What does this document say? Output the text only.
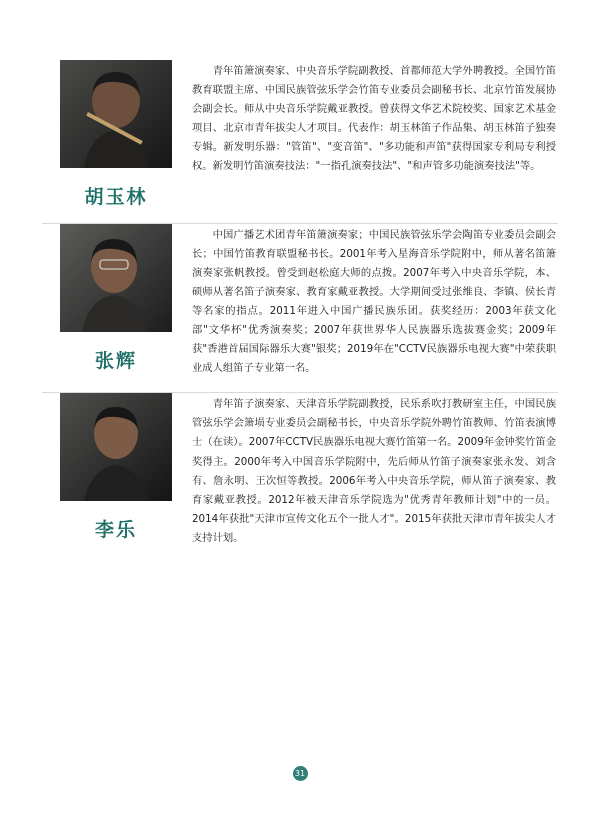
胡玉林

青年笛箫演奏家、中央音乐学院副教授、首都师范大学外聘教授。全国竹笛教育联盟主席、中国民族管弦乐学会竹笛专业委员会副秘书长、北京竹笛发展协会副会长。师从中央音乐学院戴亚教授。曾获得文华艺术院校奖、国家艺术基金项目、北京市青年拔尖人才项目。代表作：胡玉林笛子作品集、胡玉林笛子独奏专辑。新发明乐器："管笛"、"变音笛"、"多功能和声笛"获得国家专利局专利授权。新发明竹笛演奏技法："一指孔演奏技法"、"和声管多功能演奏技法"等。

张辉

中国广播艺术团青年笛箫演奏家；中国民族管弦乐学会陶笛专业委员会副会长；中国竹笛教育联盟秘书长。2001年考入星海音乐学院附中，师从著名笛箫演奏家张帆教授。曾受到赵松庭大师的点拨。2007年考入中央音乐学院，本、硕师从著名笛子演奏家、教育家戴亚教授。大学期间受过张维良、李镇、侯长青等名家的指点。2011年进入中国广播民族乐团。获奖经历：2003年获文化部"文华杯"优秀演奏奖；2007年获世界华人民族器乐选拔赛金奖；2009年获"香港首届国际器乐大赛"银奖；2019年在"CCTV民族器乐电视大赛"中荣获职业成人组笛子专业第一名。

李乐

青年笛子演奏家、天津音乐学院副教授，民乐系吹打教研室主任，中国民族管弦乐学会箫埙专业委员会副秘书长，中央音乐学院外聘竹笛教师、竹笛表演博士（在读）。2007年CCTV民族器乐电视大赛竹笛第一名。2009年金钟奖竹笛金奖得主。2000年考入中国音乐学院附中，先后师从竹笛子演奏家张永发、刘含有、詹永明、王次恒等教授。2006年考入中央音乐学院，师从笛子演奏家、教育家戴亚教授。2012年被天津音乐学院选为"优秀青年教师计划"中的一员。2014年获批"天津市宣传文化五个一批人才"。2015年获批天津市青年拔尖人才支持计划。

31
